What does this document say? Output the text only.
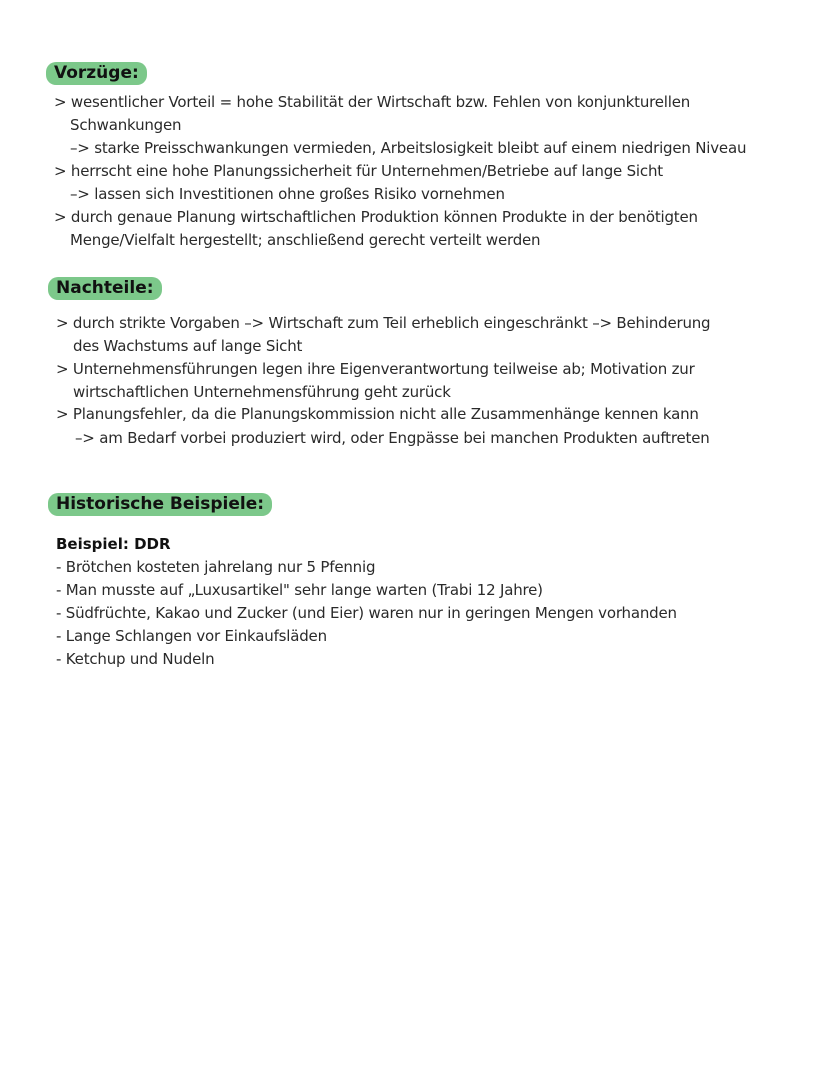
Vorzüge:
> wesentlicher Vorteil = hohe Stabilität der Wirtschaft bzw. Fehlen von konjunkturellen
Schwankungen
–> starke Preisschwankungen vermieden, Arbeitslosigkeit bleibt auf einem niedrigen Niveau
> herrscht eine hohe Planungssicherheit für Unternehmen/Betriebe auf lange Sicht
–> lassen sich Investitionen ohne großes Risiko vornehmen
> durch genaue Planung wirtschaftlichen Produktion können Produkte in der benötigten
Menge/Vielfalt hergestellt; anschließend gerecht verteilt werden
Nachteile:
> durch strikte Vorgaben –> Wirtschaft zum Teil erheblich eingeschränkt –> Behinderung
des Wachstums auf lange Sicht
> Unternehmensführungen legen ihre Eigenverantwortung teilweise ab; Motivation zur
wirtschaftlichen Unternehmensführung geht zurück
> Planungsfehler, da die Planungskommission nicht alle Zusammenhänge kennen kann
–> am Bedarf vorbei produziert wird, oder Engpässe bei manchen Produkten auftreten
Historische Beispiele:
Beispiel: DDR
- Brötchen kosteten jahrelang nur 5 Pfennig
- Man musste auf „Luxusartikel" sehr lange warten (Trabi 12 Jahre)
- Südfrüchte, Kakao und Zucker (und Eier) waren nur in geringen Mengen vorhanden
- Lange Schlangen vor Einkaufsläden
- Ketchup und Nudeln
